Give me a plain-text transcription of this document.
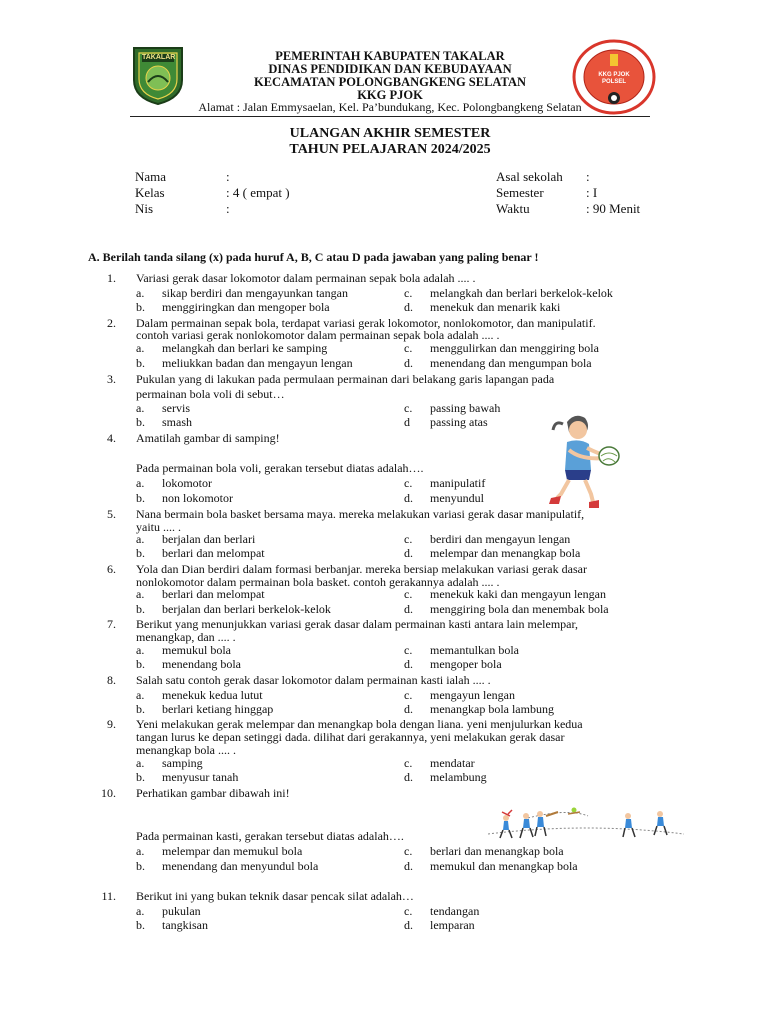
TAKALAR
KKG PJOK POLSEL
PEMERINTAH KABUPATEN TAKALAR
DINAS PENDIDIKAN DAN KEBUDAYAAN
KECAMATAN POLONGBANGKENG SELATAN
KKG PJOK
Alamat : Jalan Emmysaelan, Kel. Pa’bundukang, Kec. Polongbangkeng Selatan
ULANGAN AKHIR SEMESTER
TAHUN PELAJARAN 2024/2025
Nama	:
Kelas	: 4 ( empat )
Nis	:
Asal sekolah :
Semester	: I
Waktu	: 90 Menit
A. Berilah tanda silang (x) pada huruf A, B, C atau D pada jawaban yang paling benar !
1. Variasi gerak dasar lokomotor dalam permainan sepak bola adalah .... .
a. sikap berdiri dan mengayunkan tangan	c. melangkah dan berlari berkelok-kelok
b. menggiringkan dan mengoper bola	d. menekuk dan menarik kaki
2. Dalam permainan sepak bola, terdapat variasi gerak lokomotor, nonlokomotor, dan manipulatif.
contoh variasi gerak nonlokomotor dalam permainan sepak bola adalah .... .
a. melangkah dan berlari ke samping	c. menggulirkan dan menggiring bola
b. meliukkan badan dan mengayun lengan	d. menendang dan mengumpan bola
3. Pukulan yang di lakukan pada permulaan permainan dari belakang garis lapangan pada
permainan bola voli di sebut…
a. servis	c. passing bawah
b. smash	d passing atas
4. Amatilah gambar di samping!
Pada permainan bola voli, gerakan tersebut diatas adalah….
a. lokomotor	c. manipulatif
b. non lokomotor	d. menyundul
5. Nana bermain bola basket bersama maya. mereka melakukan variasi gerak dasar manipulatif,
yaitu .... .
a. berjalan dan berlari	c. berdiri dan mengayun lengan
b. berlari dan melompat	d. melempar dan menangkap bola
6. Yola dan Dian berdiri dalam formasi berbanjar. mereka bersiap melakukan variasi gerak dasar
nonlokomotor dalam permainan bola basket. contoh gerakannya adalah .... .
a. berlari dan melompat	c. menekuk kaki dan mengayun lengan
b. berjalan dan berlari berkelok-kelok	d. menggiring bola dan menembak bola
7. Berikut yang menunjukkan variasi gerak dasar dalam permainan kasti antara lain melempar,
menangkap, dan .... .
a. memukul bola	c. memantulkan bola
b. menendang bola	d. mengoper bola
8. Salah satu contoh gerak dasar lokomotor dalam permainan kasti ialah .... .
a. menekuk kedua lutut	c. mengayun lengan
b. berlari ketiang hinggap	d. menangkap bola lambung
9. Yeni melakukan gerak melempar dan menangkap bola dengan liana. yeni menjulurkan kedua
tangan lurus ke depan setinggi dada. dilihat dari gerakannya, yeni melakukan gerak dasar
menangkap bola .... .
a. samping	c. mendatar
b. menyusur tanah	d. melambung
10. Perhatikan gambar dibawah ini!
Pada permainan kasti, gerakan tersebut diatas adalah….
a. melempar dan memukul bola	c. berlari dan menangkap bola
b. menendang dan menyundul bola	d. memukul dan menangkap bola
11. Berikut ini yang bukan teknik dasar pencak silat adalah…
a. pukulan	c. tendangan
b. tangkisan	d. lemparan
